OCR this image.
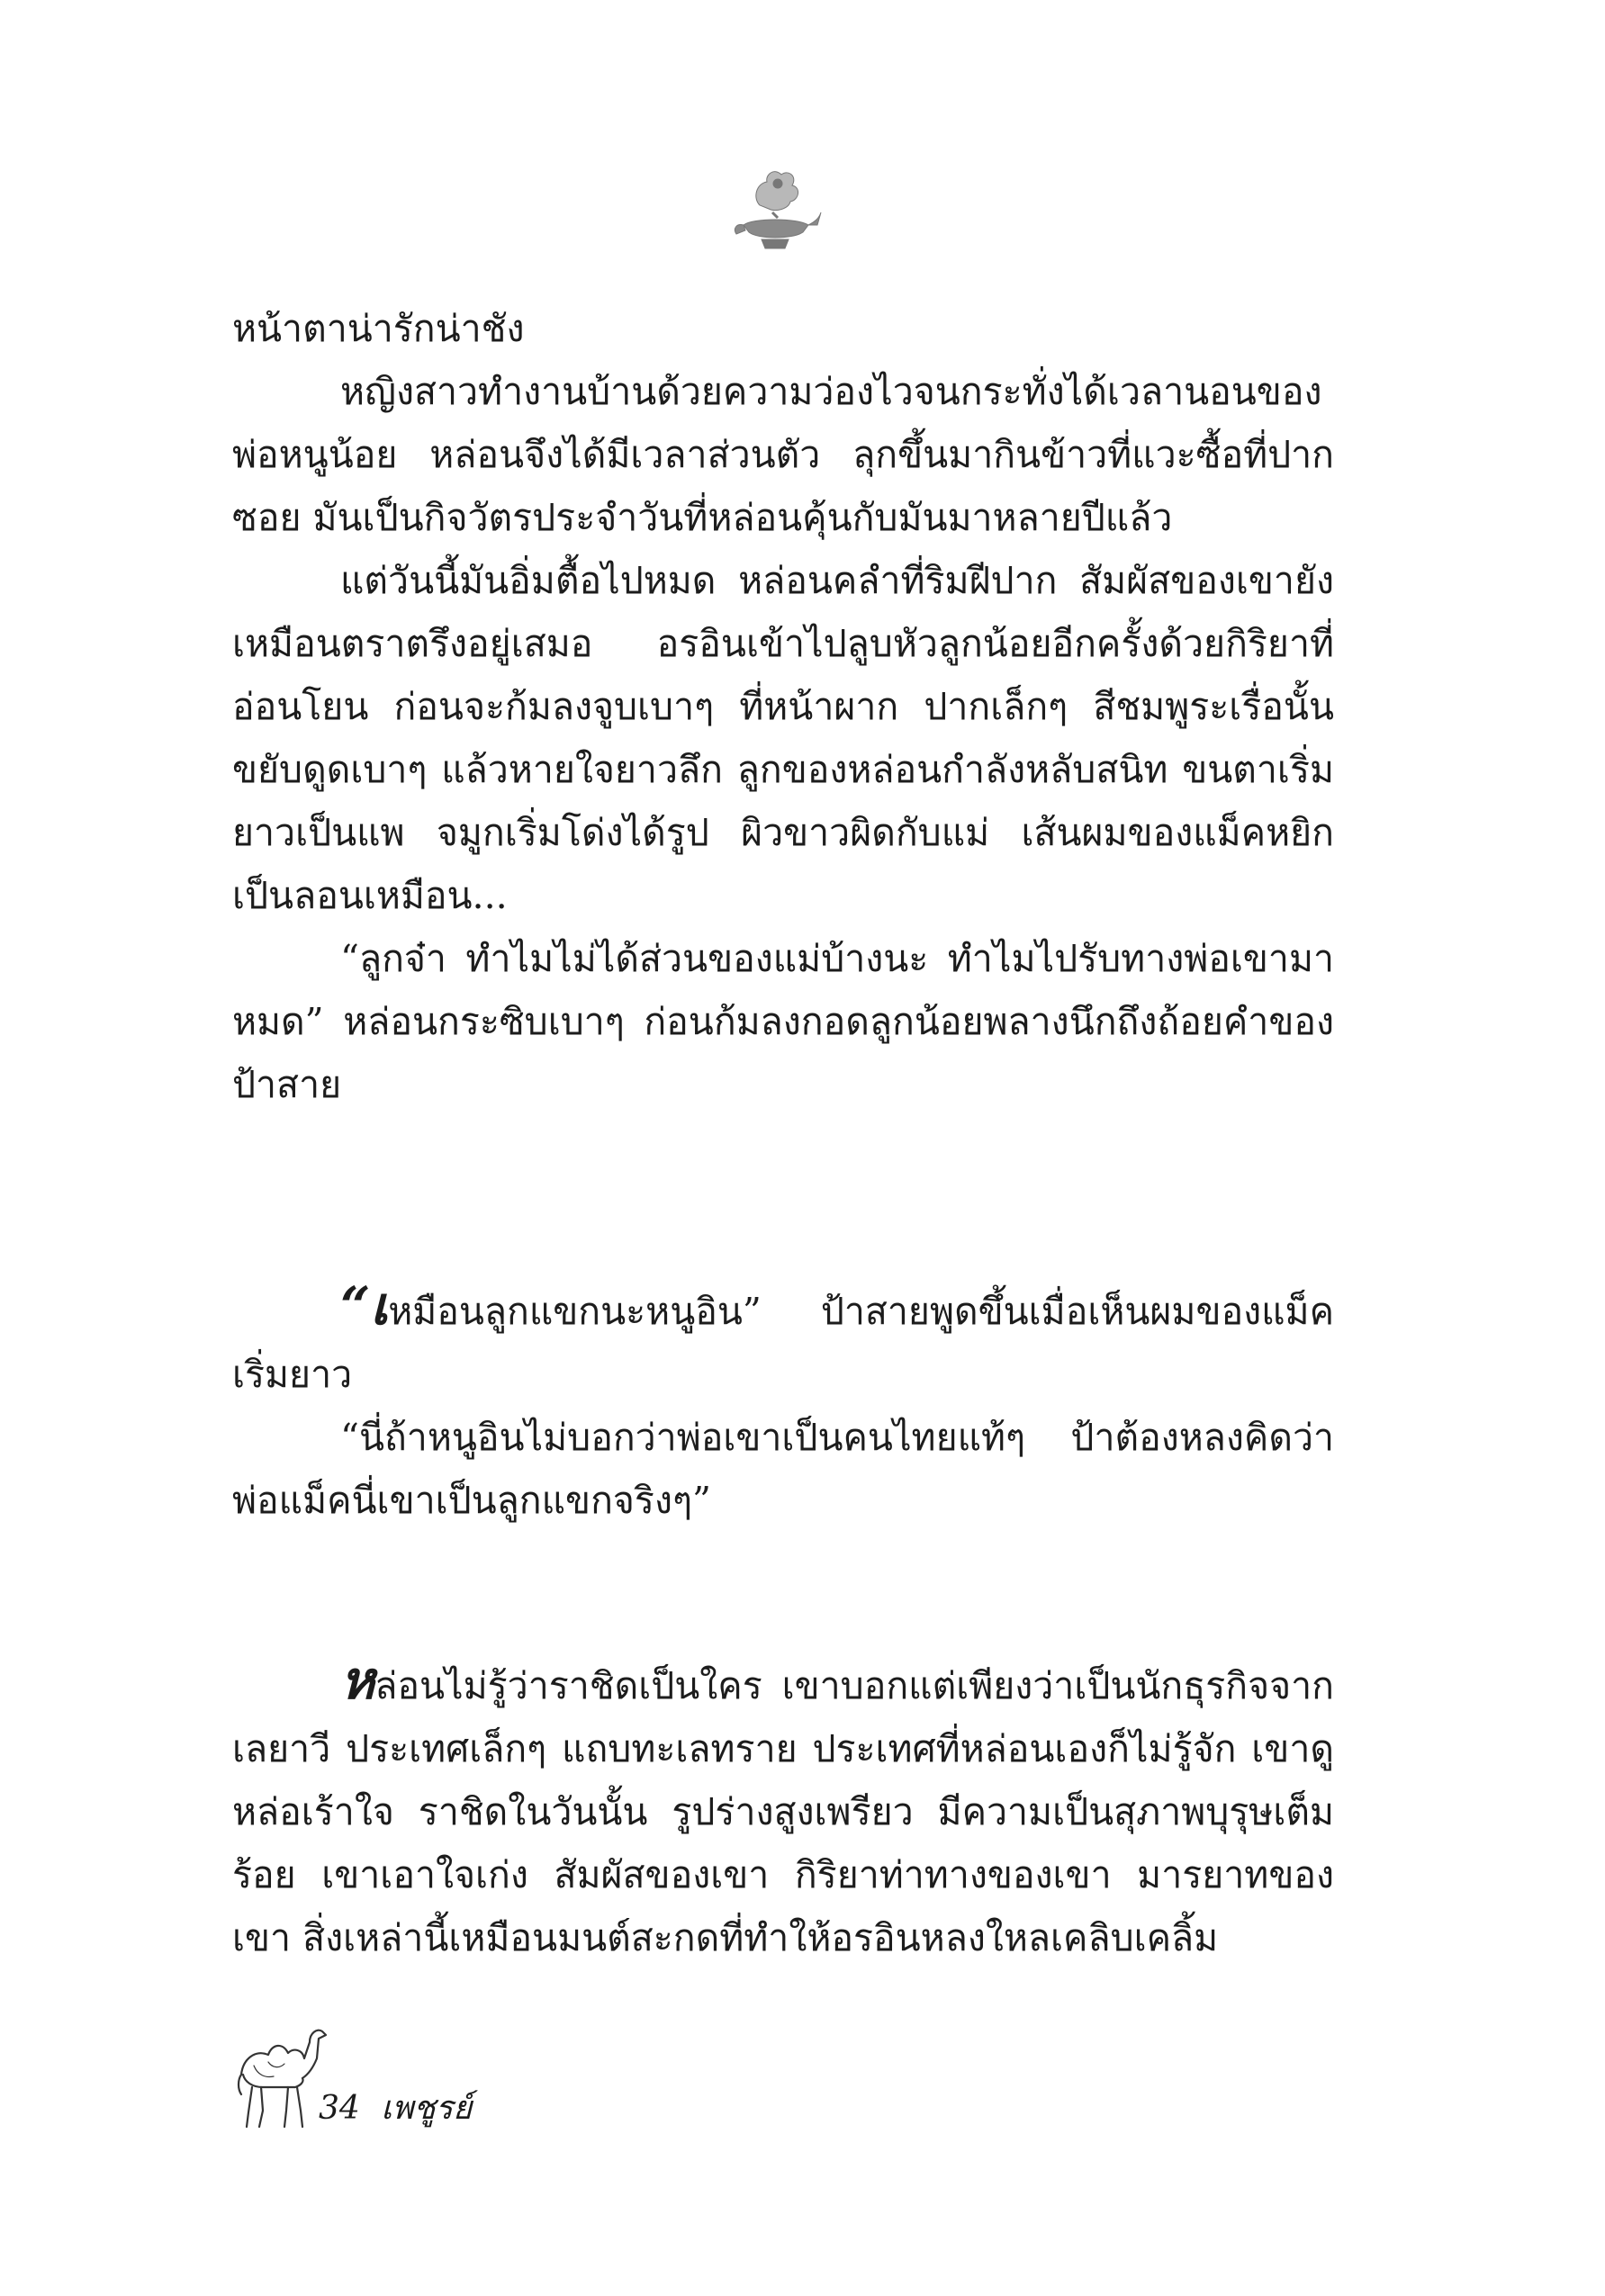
หน้าตาน่ารักน่าชัง

หญิงสาวทำงานบ้านด้วยความว่องไวจนกระทั่งได้เวลานอนของพ่อหนูน้อย หล่อนจึงได้มีเวลาส่วนตัว ลุกขึ้นมากินข้าวที่แวะซื้อที่ปากซอย มันเป็นกิจวัตรประจำวันที่หล่อนคุ้นกับมันมาหลายปีแล้ว

แต่วันนี้มันอิ่มตื้อไปหมด หล่อนคลำที่ริมฝีปาก สัมผัสของเขายังเหมือนตราตรึงอยู่เสมอ อรอินเข้าไปลูบหัวลูกน้อยอีกครั้งด้วยกิริยาที่อ่อนโยน ก่อนจะก้มลงจูบเบาๆ ที่หน้าผาก ปากเล็กๆ สีชมพูระเรื่อนั้นขยับดูดเบาๆ แล้วหายใจยาวลึก ลูกของหล่อนกำลังหลับสนิท ขนตาเริ่มยาวเป็นแพ จมูกเริ่มโด่งได้รูป ผิวขาวผิดกับแม่ เส้นผมของแม็คหยิกเป็นลอนเหมือน...

“ลูกจ๋า ทำไมไม่ได้ส่วนของแม่บ้างนะ ทำไมไปรับทางพ่อเขามาหมด” หล่อนกระซิบเบาๆ ก่อนก้มลงกอดลูกน้อยพลางนึกถึงถ้อยคำของป้าสาย

“เหมือนลูกแขกนะหนูอิน” ป้าสายพูดขึ้นเมื่อเห็นผมของแม็คเริ่มยาว

“นี่ถ้าหนูอินไม่บอกว่าพ่อเขาเป็นคนไทยแท้ๆ ป้าต้องหลงคิดว่าพ่อแม็คนี่เขาเป็นลูกแขกจริงๆ”

หล่อนไม่รู้ว่าราชิดเป็นใคร เขาบอกแต่เพียงว่าเป็นนักธุรกิจจากเลยาวี ประเทศเล็กๆ แถบทะเลทราย ประเทศที่หล่อนเองก็ไม่รู้จัก เขาดูหล่อเร้าใจ ราชิดในวันนั้น รูปร่างสูงเพรียว มีความเป็นสุภาพบุรุษเต็มร้อย เขาเอาใจเก่ง สัมผัสของเขา กิริยาท่าทางของเขา มารยาทของเขา สิ่งเหล่านี้เหมือนมนต์สะกดที่ทำให้อรอินหลงใหลเคลิบเคลิ้ม

34 เพชูรย์
